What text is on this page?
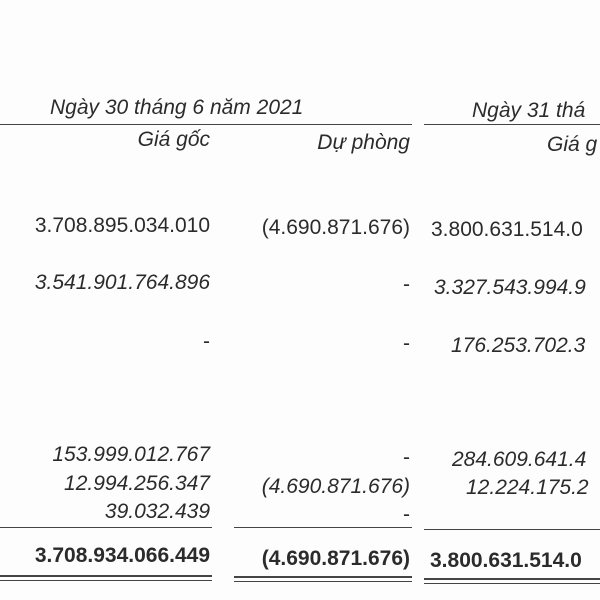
Ngày 30 tháng 6 năm 2021	Ngày 31 thá
Giá gốc	Dự phòng	Giá g
3.708.895.034.010 (4.690.871.676) 3.800.631.514.0
3.541.901.764.896	- 3.327.543.994.9
-	- 176.253.702.3
153.999.012.767	- 284.609.641.4
12.994.256.347 (4.690.871.676)	12.224.175.2
39.032.439	-
3.708.934.066.449 (4.690.871.676) 3.800.631.514.0
